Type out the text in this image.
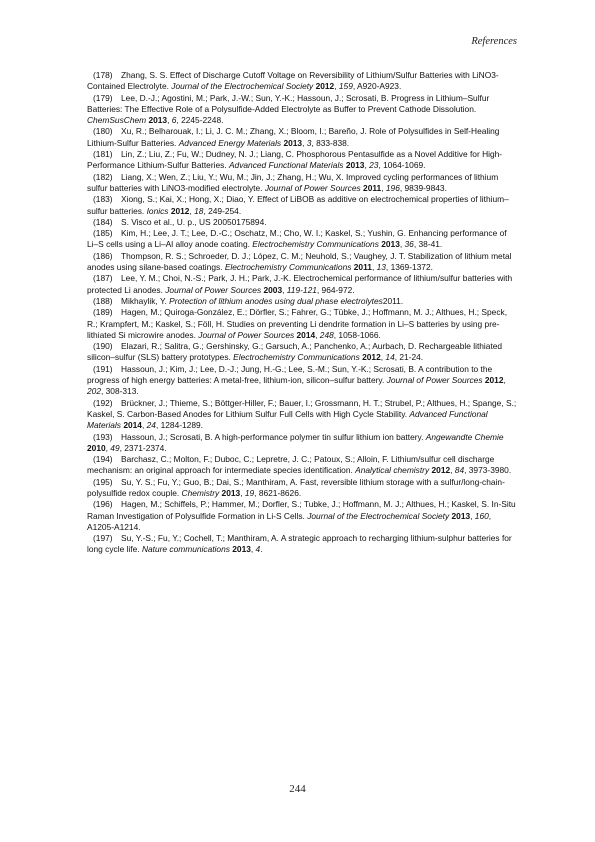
References

(178) Zhang, S. S. Effect of Discharge Cutoff Voltage on Reversibility of Lithium/Sulfur Batteries with LiNO3-Contained Electrolyte. Journal of the Electrochemical Society 2012, 159, A920-A923.

(179) Lee, D.-J.; Agostini, M.; Park, J.-W.; Sun, Y.-K.; Hassoun, J.; Scrosati, B. Progress in Lithium–Sulfur Batteries: The Effective Role of a Polysulfide-Added Electrolyte as Buffer to Prevent Cathode Dissolution. ChemSusChem 2013, 6, 2245-2248.

(180) Xu, R.; Belharouak, I.; Li, J. C. M.; Zhang, X.; Bloom, I.; Bareño, J. Role of Polysulfides in Self-Healing Lithium-Sulfur Batteries. Advanced Energy Materials 2013, 3, 833-838.

(181) Lin, Z.; Liu, Z.; Fu, W.; Dudney, N. J.; Liang, C. Phosphorous Pentasulfide as a Novel Additive for High-Performance Lithium-Sulfur Batteries. Advanced Functional Materials 2013, 23, 1064-1069.

(182) Liang, X.; Wen, Z.; Liu, Y.; Wu, M.; Jin, J.; Zhang, H.; Wu, X. Improved cycling performances of lithium sulfur batteries with LiNO3-modified electrolyte. Journal of Power Sources 2011, 196, 9839-9843.

(183) Xiong, S.; Kai, X.; Hong, X.; Diao, Y. Effect of LiBOB as additive on electrochemical properties of lithium–sulfur batteries. Ionics 2012, 18, 249-254.

(184) S. Visco et al., U. p., US 20050175894.

(185) Kim, H.; Lee, J. T.; Lee, D.-C.; Oschatz, M.; Cho, W. I.; Kaskel, S.; Yushin, G. Enhancing performance of Li–S cells using a Li–Al alloy anode coating. Electrochemistry Communications 2013, 36, 38-41.

(186) Thompson, R. S.; Schroeder, D. J.; López, C. M.; Neuhold, S.; Vaughey, J. T. Stabilization of lithium metal anodes using silane-based coatings. Electrochemistry Communications 2011, 13, 1369-1372.

(187) Lee, Y. M.; Choi, N.-S.; Park, J. H.; Park, J.-K. Electrochemical performance of lithium/sulfur batteries with protected Li anodes. Journal of Power Sources 2003, 119-121, 964-972.

(188) Mikhaylik, Y. Protection of lithium anodes using dual phase electrolytes2011.

(189) Hagen, M.; Quiroga-González, E.; Dörfler, S.; Fahrer, G.; Tübke, J.; Hoffmann, M. J.; Althues, H.; Speck, R.; Krampfert, M.; Kaskel, S.; Föll, H. Studies on preventing Li dendrite formation in Li–S batteries by using pre-lithiated Si microwire anodes. Journal of Power Sources 2014, 248, 1058-1066.

(190) Elazari, R.; Salitra, G.; Gershinsky, G.; Garsuch, A.; Panchenko, A.; Aurbach, D. Rechargeable lithiated silicon–sulfur (SLS) battery prototypes. Electrochemistry Communications 2012, 14, 21-24.

(191) Hassoun, J.; Kim, J.; Lee, D.-J.; Jung, H.-G.; Lee, S.-M.; Sun, Y.-K.; Scrosati, B. A contribution to the progress of high energy batteries: A metal-free, lithium-ion, silicon–sulfur battery. Journal of Power Sources 2012, 202, 308-313.

(192) Brückner, J.; Thieme, S.; Böttger-Hiller, F.; Bauer, I.; Grossmann, H. T.; Strubel, P.; Althues, H.; Spange, S.; Kaskel, S. Carbon-Based Anodes for Lithium Sulfur Full Cells with High Cycle Stability. Advanced Functional Materials 2014, 24, 1284-1289.

(193) Hassoun, J.; Scrosati, B. A high-performance polymer tin sulfur lithium ion battery. Angewandte Chemie 2010, 49, 2371-2374.

(194) Barchasz, C.; Molton, F.; Duboc, C.; Lepretre, J. C.; Patoux, S.; Alloin, F. Lithium/sulfur cell discharge mechanism: an original approach for intermediate species identification. Analytical chemistry 2012, 84, 3973-3980.

(195) Su, Y. S.; Fu, Y.; Guo, B.; Dai, S.; Manthiram, A. Fast, reversible lithium storage with a sulfur/long-chain-polysulfide redox couple. Chemistry 2013, 19, 8621-8626.

(196) Hagen, M.; Schiffels, P.; Hammer, M.; Dorfler, S.; Tubke, J.; Hoffmann, M. J.; Althues, H.; Kaskel, S. In-Situ Raman Investigation of Polysulfide Formation in Li-S Cells. Journal of the Electrochemical Society 2013, 160, A1205-A1214.

(197) Su, Y.-S.; Fu, Y.; Cochell, T.; Manthiram, A. A strategic approach to recharging lithium-sulphur batteries for long cycle life. Nature communications 2013, 4.

244
